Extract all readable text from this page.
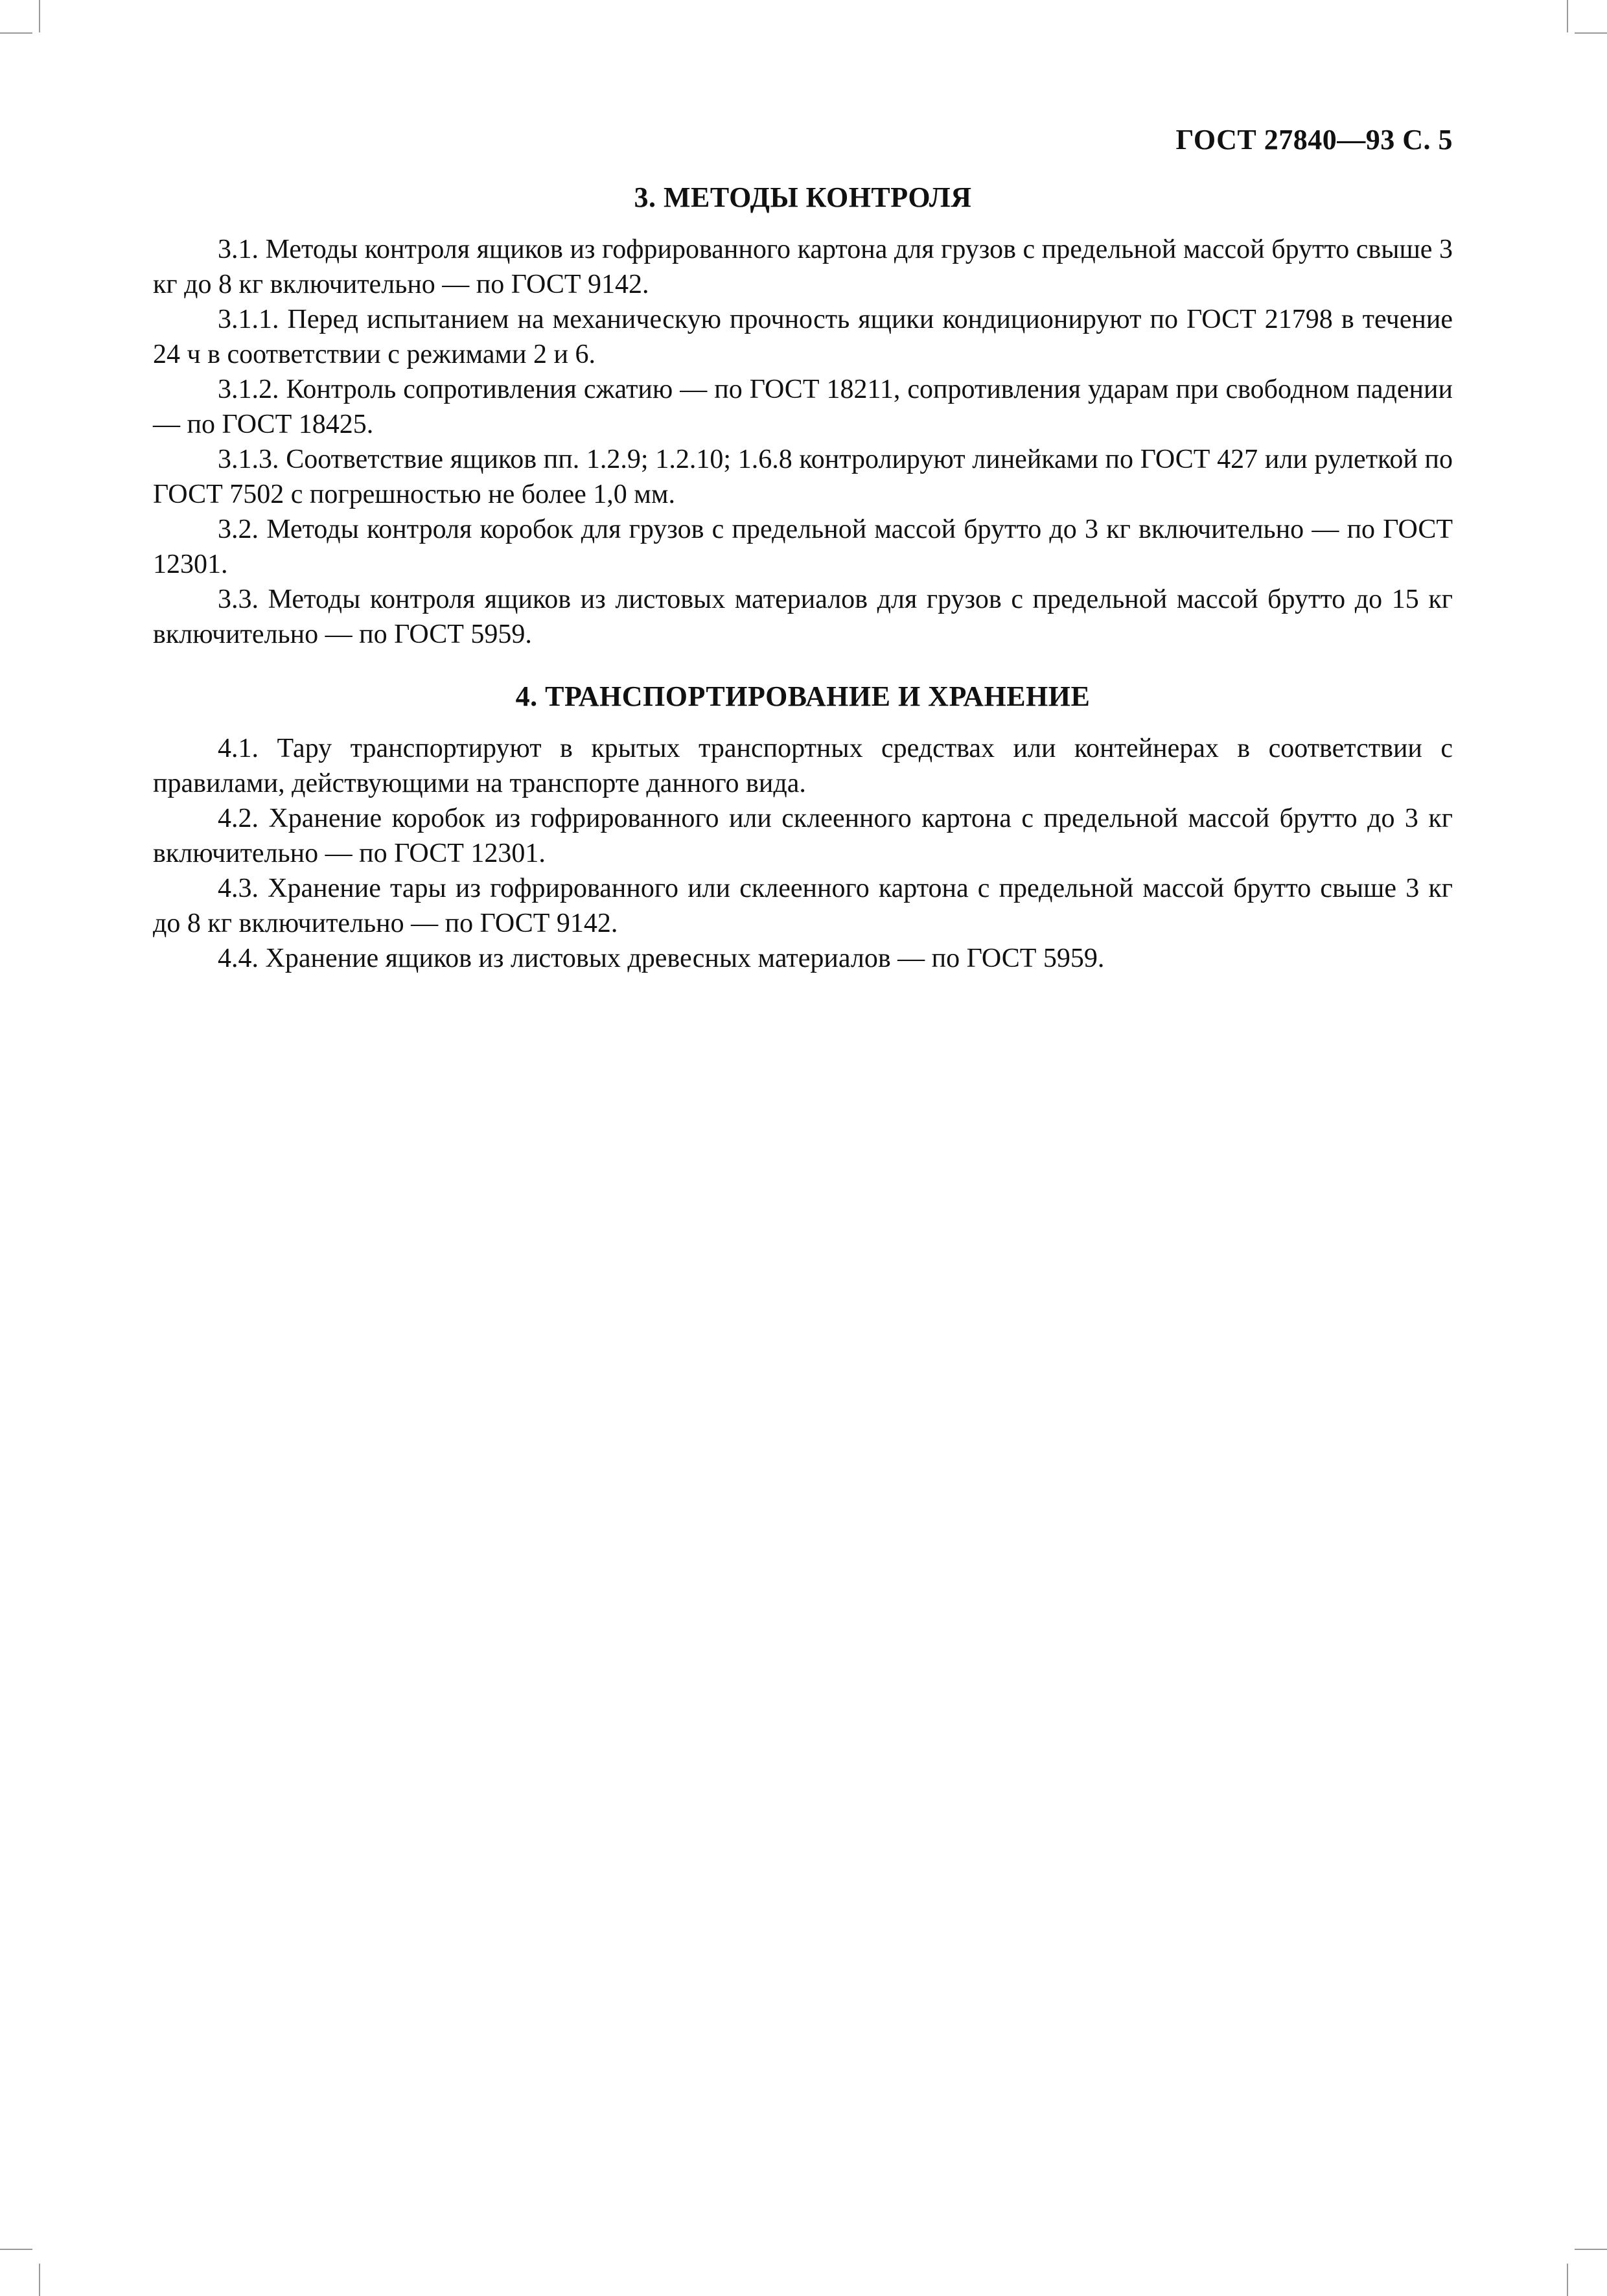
ГОСТ 27840—93 С. 5
3. МЕТОДЫ КОНТРОЛЯ

3.1. Методы контроля ящиков из гофрированного картона для грузов с предельной массой брутто свыше 3 кг до 8 кг включительно — по ГОСТ 9142.

3.1.1. Перед испытанием на механическую прочность ящики кондиционируют по ГОСТ 21798 в течение 24 ч в соответствии с режимами 2 и 6.

3.1.2. Контроль сопротивления сжатию — по ГОСТ 18211, сопротивления ударам при свободном падении — по ГОСТ 18425.

3.1.3. Соответствие ящиков пп. 1.2.9; 1.2.10; 1.6.8 контролируют линейками по ГОСТ 427 или рулеткой по ГОСТ 7502 с погрешностью не более 1,0 мм.

3.2. Методы контроля коробок для грузов с предельной массой брутто до 3 кг включительно — по ГОСТ 12301.

3.3. Методы контроля ящиков из листовых материалов для грузов с предельной массой брутто до 15 кг включительно — по ГОСТ 5959.

4. ТРАНСПОРТИРОВАНИЕ И ХРАНЕНИЕ

4.1. Тару транспортируют в крытых транспортных средствах или контейнерах в соответствии с правилами, действующими на транспорте данного вида.

4.2. Хранение коробок из гофрированного или склеенного картона с предельной массой брутто до 3 кг включительно — по ГОСТ 12301.

4.3. Хранение тары из гофрированного или склеенного картона с предельной массой брутто свыше 3 кг до 8 кг включительно — по ГОСТ 9142.

4.4. Хранение ящиков из листовых древесных материалов — по ГОСТ 5959.
